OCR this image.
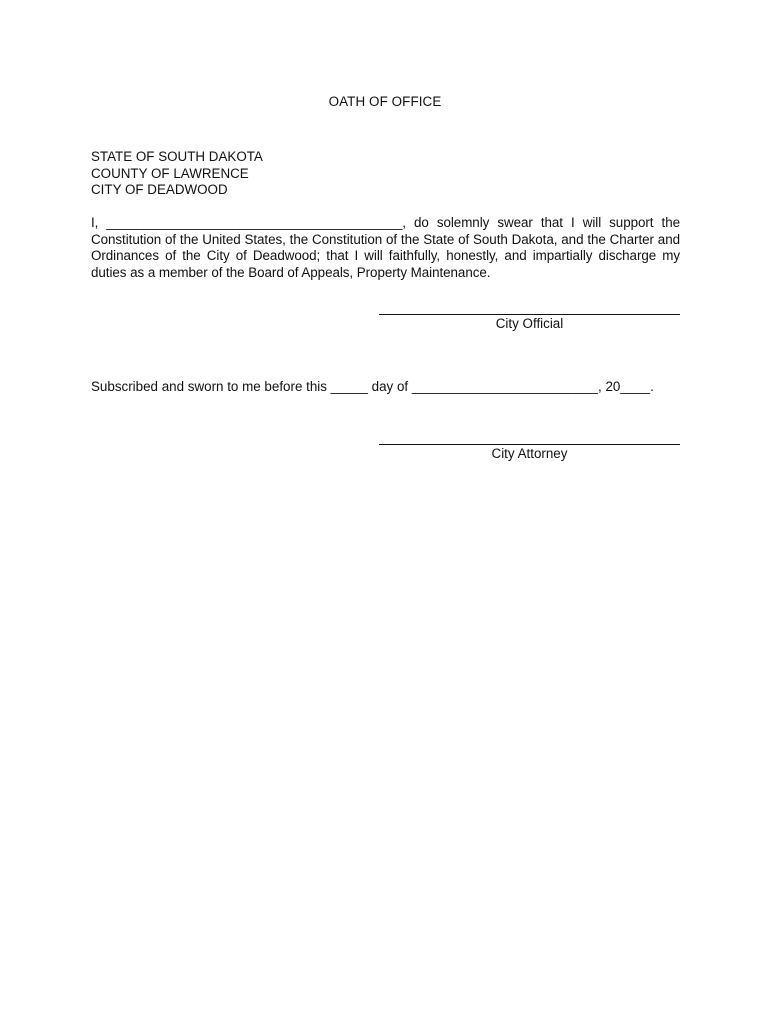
OATH OF OFFICE
STATE OF SOUTH DAKOTA
COUNTY OF LAWRENCE
CITY OF DEADWOOD

I, ________________________________________, do solemnly swear that I will support the Constitution of the United States, the Constitution of the State of South Dakota, and the Charter and Ordinances of the City of Deadwood; that I will faithfully, honestly, and impartially discharge my duties as a member of the Board of Appeals, Property Maintenance.

City Official
Subscribed and sworn to me before this _____ day of _________________________, 20____.
City Attorney
